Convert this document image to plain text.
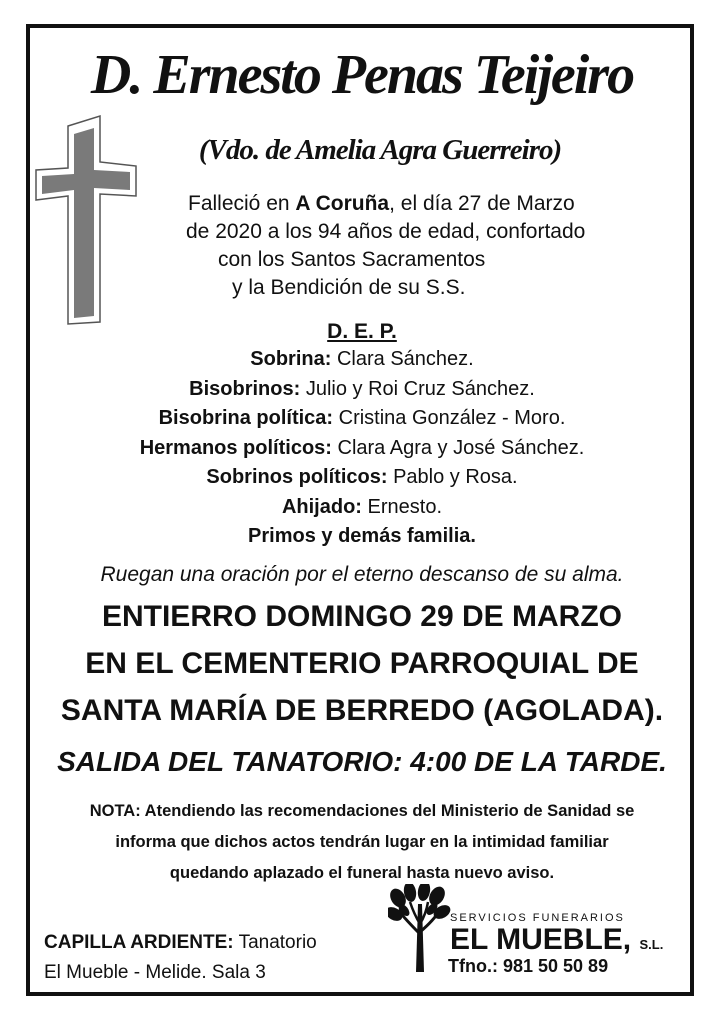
D. Ernesto Penas Teijeiro
(Vdo. de Amelia Agra Guerreiro)
Falleció en A Coruña, el día 27 de Marzo
de 2020 a los 94 años de edad, confortado
con los Santos Sacramentos
y la Bendición de su S.S.
D. E. P.
Sobrina: Clara Sánchez.
Bisobrinos: Julio y Roi Cruz Sánchez.
Bisobrina política: Cristina González - Moro.
Hermanos políticos: Clara Agra y José Sánchez.
Sobrinos políticos: Pablo y Rosa.
Ahijado: Ernesto.
Primos y demás familia.
Ruegan una oración por el eterno descanso de su alma.
ENTIERRO DOMINGO 29 DE MARZO
EN EL CEMENTERIO PARROQUIAL DE
SANTA MARÍA DE BERREDO (AGOLADA).
SALIDA DEL TANATORIO: 4:00 DE LA TARDE.
NOTA: Atendiendo las recomendaciones del Ministerio de Sanidad se
informa que dichos actos tendrán lugar en la intimidad familiar
quedando aplazado el funeral hasta nuevo aviso.
CAPILLA ARDIENTE: Tanatorio
El Mueble - Melide. Sala 3
SERVICIOS FUNERARIOS
EL MUEBLE, S.L.
Tfno.: 981 50 50 89
